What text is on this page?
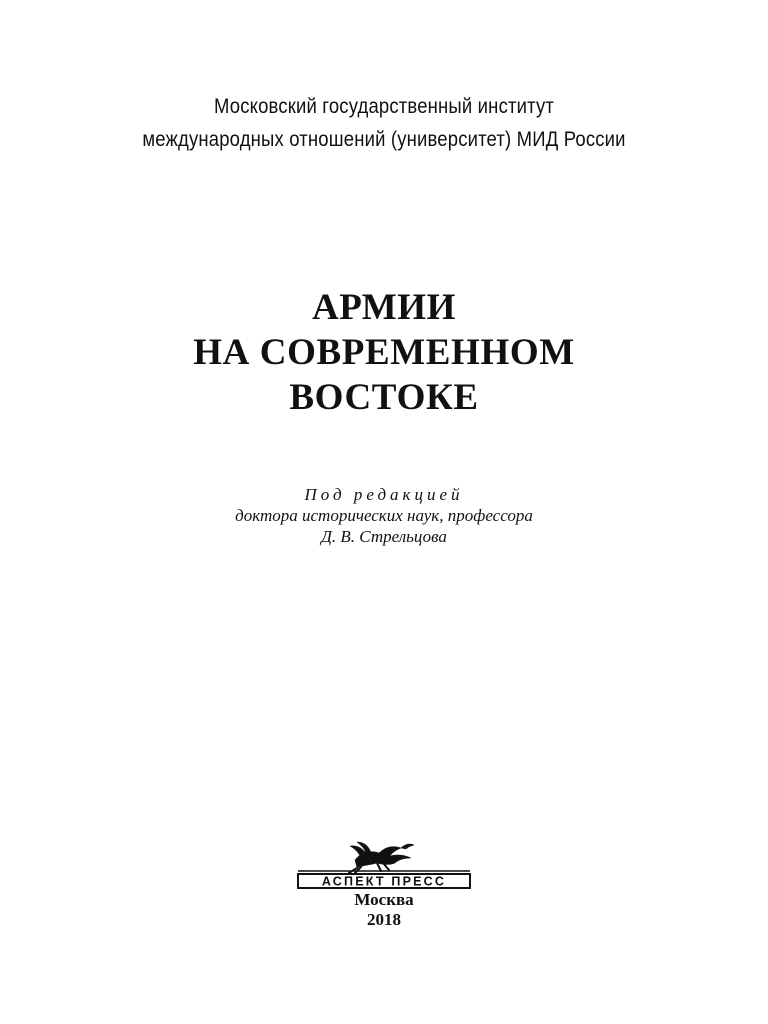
Московский государственный институт
международных отношений (университет) МИД России
АРМИИ
НА СОВРЕМЕННОМ
ВОСТОКЕ
Под редакцией
доктора исторических наук, профессора
Д. В. Стрельцова
АСПЕКТ ПРЕСС
Москва
2018
